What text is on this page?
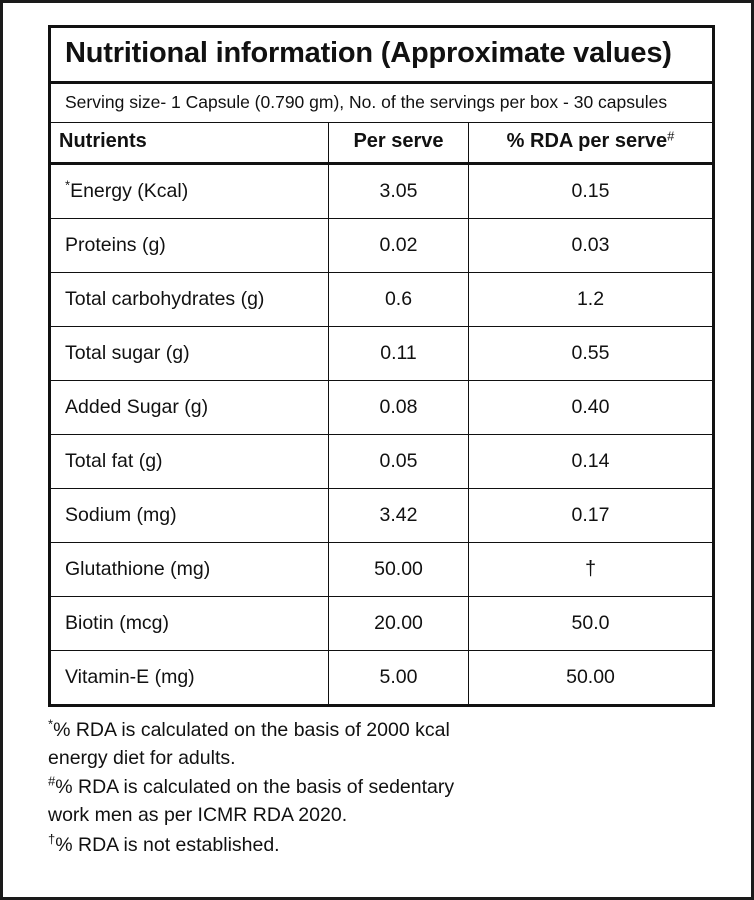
Nutritional information (Approximate values)		
Serving size- 1 Capsule (0.790 gm), No. of the servings per box - 30 capsules		
Nutrients	Per serve	% RDA per serve#
*Energy (Kcal)	3.05	0.15
Proteins (g)	0.02	0.03
Total carbohydrates (g)	0.6	1.2
Total sugar (g)	0.11	0.55
Added Sugar (g)	0.08	0.40
Total fat (g)	0.05	0.14
Sodium (mg)	3.42	0.17
Glutathione (mg)	50.00	†
Biotin (mcg)	20.00	50.0
Vitamin-E (mg)	5.00	50.00
*% RDA is calculated on the basis of 2000 kcal
energy diet for adults.
#% RDA is calculated on the basis of sedentary
work men as per ICMR RDA 2020.
†% RDA is not established.
